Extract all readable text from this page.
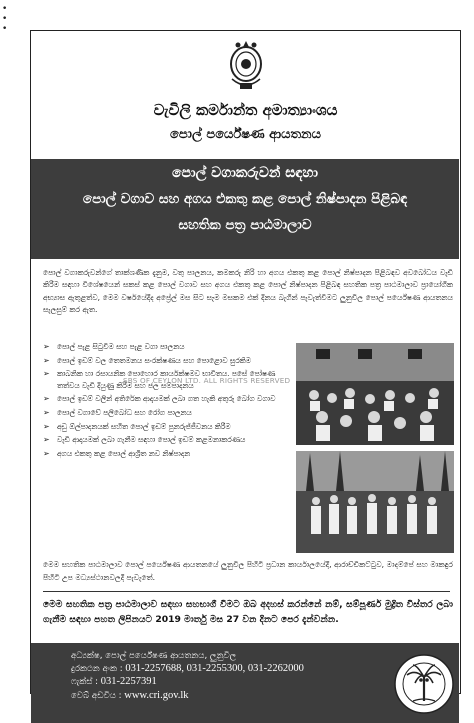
•
•
•
වැවිලි කර්මාන්ත අමාත්‍යාංශය
පොල් පර්යේෂණ ආයතනය
පොල් වගාකරුවන් සඳහා
පොල් වගාව සහ අගය එකතු කළ පොල් නිෂ්පාදන පිළිබඳ
සහතික පත්‍ර පාඨමාලාව
පොල් වගාකරුවන්ගේ තාක්ශණික දැනුම, වතු පාලනය, කමකරු නිරි හා අගය එකතු කළ පොල් නිෂ්පාදන පිළිබඳව අවබෝධය වැඩි කිරීම සඳහා විශේෂයෙන් සකස් කළ පොල් වගාව සහ අගය එකතු කළ පොල් නිෂ්පාදන පිළිබඳ සහතික පත්‍ර පාඨමාලාව ප්‍රායෝගික අභ්‍යාස ඇතුළත්ව, මෙම වර්ෂයේදීද අප්‍රේල් මස සිට සෑම මසකම එක් දිනය බැගින් පැවැත්වීමට ලුනුවිල පොල් පර්යේෂණ ආයතනය සැලසුම් කර ඇත.
➢ පොල් පැළ සිටුවීම සහ පැළ වගා පාලනය
➢ පොල් ඉඩම් වල තෙතමනය සංරක්ෂණය සහ පොළොව සුරකිම
➢ කාබනික හා රසායනික පොහොර කාර්යක්ෂමව භාවිතය. පසේ පෝෂණ තත්වය වැඩි දියුණු කිරීම සහ ජල සම්පාදනය
➢ පොල් ඉඩම් වලින් අතිරේක ආදායමක් ලබා ගත හැකි අතුරු බෝග වගාව
➢ පොල් වගාවේ පලිබෝධ සහ රෝග පාලනය
➢ අඩු ඕල්පාදනයක් සහිත පොල් ඉඩම් පුනරුජ්ජීවනය කිරීම
➢ වැඩි ආදායමක් ලබා ගැනීම සඳහා පොල් ඉඩම් කළමනාකරණය
➢ අගය එකතු කළ පොල් ආශ්‍රිත නව නිෂ්පාදන
SBS OF CEYLON LTD. ALL RIGHTS RESERVED
මෙම සහතික පාඨමාලාව පොල් පර්යේෂණ ආයතනයේ ලුනුවිල පිහිටි ප්‍රධාන කාර්යාලයේදී, ආරාච්චිකට්ටුව, මාදම්පේ සහ මාකඳුර පිහිටි උප මධ්‍යස්ථානවලදී පැවැතේ.
මෙම සහතික පත්‍ර පාඨමාලාව සඳහා සහභාගී වීමට ඔබ අදහස් කරන්නේ නම්, සම්පූර්ණ මුද්‍රිත විස්තර ලබා ගැනීම සඳහා පහත ලිපිනයට 2019 මාර්තු මස 27 වන දිනට පෙර දැන්වන්න.
අධ්‍යක්ෂ, පොල් පර්යේෂණ ආයතනය, ලුනුවිල
දුරකථන අංක : 031-2257688, 031-2255300, 031-2262000
ෆැක්ස් : 031-2257391
වෙබ් අඩවිය : www.cri.gov.lk
